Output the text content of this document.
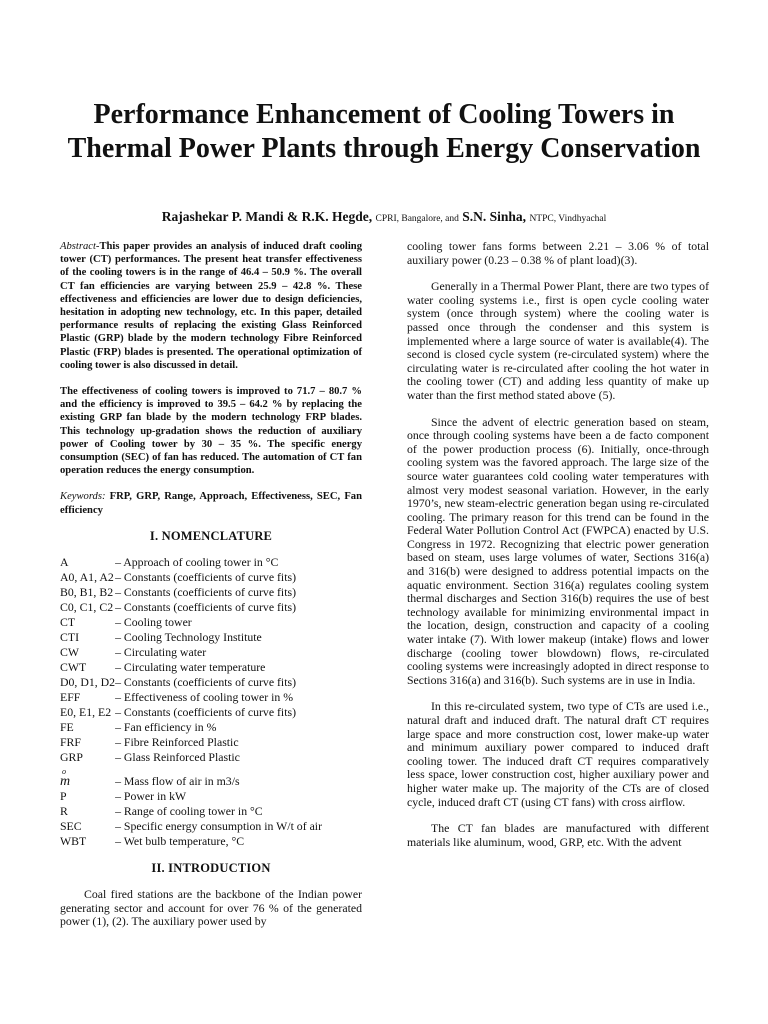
Performance Enhancement of Cooling Towers in Thermal Power Plants through Energy Conservation
Rajashekar P. Mandi & R.K. Hegde, CPRI, Bangalore, and S.N. Sinha, NTPC, Vindhyachal

Abstract-This paper provides an analysis of induced draft cooling tower (CT) performances. The present heat transfer effectiveness of the cooling towers is in the range of 46.4 – 50.9 %. The overall CT fan efficiencies are varying between 25.9 – 42.8 %. These effectiveness and efficiencies are lower due to design deficiencies, hesitation in adopting new technology, etc. In this paper, detailed performance results of replacing the existing Glass Reinforced Plastic (GRP) blade by the modern technology Fibre Reinforced Plastic (FRP) blades is presented. The operational optimization of cooling tower is also discussed in detail.

The effectiveness of cooling towers is improved to 71.7 – 80.7 % and the efficiency is improved to 39.5 – 64.2 % by replacing the existing GRP fan blade by the modern technology FRP blades. This technology up-gradation shows the reduction of auxiliary power of Cooling tower by 30 – 35 %. The specific energy consumption (SEC) of fan has reduced. The automation of CT fan operation reduces the energy consumption.

Keywords: FRP, GRP, Range, Approach, Effectiveness, SEC, Fan efficiency

I. NOMENCLATURE
A	– Approach of cooling tower in °C
A0, A1, A2	– Constants (coefficients of curve fits)
B0, B1, B2	– Constants (coefficients of curve fits)
C0, C1, C2	– Constants (coefficients of curve fits)
CT	– Cooling tower
CTI	– Cooling Technology Institute
CW	– Circulating water
CWT	– Circulating water temperature
D0, D1, D2	– Constants (coefficients of curve fits)
EFF	– Effectiveness of cooling tower in %
E0, E1, E2	– Constants (coefficients of curve fits)
FE	– Fan efficiency in %
FRF	– Fibre Reinforced Plastic
GRP	– Glass Reinforced Plastic
o m	– Mass flow of air in m3/s
P	– Power in kW
R	– Range of cooling tower in °C
SEC	– Specific energy consumption in W/t of air
WBT	– Wet bulb temperature, °C
II. INTRODUCTION

Coal fired stations are the backbone of the Indian power generating sector and account for over 76 % of the generated power (1), (2). The auxiliary power used by

cooling tower fans forms between 2.21 – 3.06 % of total auxiliary power (0.23 – 0.38 % of plant load)(3).

Generally in a Thermal Power Plant, there are two types of water cooling systems i.e., first is open cycle cooling water system (once through system) where the cooling water is passed once through the condenser and this system is implemented where a large source of water is available(4). The second is closed cycle system (re-circulated system) where the circulating water is re-circulated after cooling the hot water in the cooling tower (CT) and adding less quantity of make up water than the first method stated above (5).

Since the advent of electric generation based on steam, once through cooling systems have been a de facto component of the power production process (6). Initially, once-through cooling system was the favored approach. The large size of the source water guarantees cold cooling water temperatures with almost very modest seasonal variation. However, in the early 1970’s, new steam-electric generation began using re-circulated cooling. The primary reason for this trend can be found in the Federal Water Pollution Control Act (FWPCA) enacted by U.S. Congress in 1972. Recognizing that electric power generation based on steam, uses large volumes of water, Sections 316(a) and 316(b) were designed to address potential impacts on the aquatic environment. Section 316(a) regulates cooling system thermal discharges and Section 316(b) requires the use of best technology available for minimizing environmental impact in the location, design, construction and capacity of a cooling water intake (7). With lower makeup (intake) flows and lower discharge (cooling tower blowdown) flows, re-circulated cooling systems were increasingly adopted in direct response to Sections 316(a) and 316(b). Such systems are in use in India.

In this re-circulated system, two type of CTs are used i.e., natural draft and induced draft. The natural draft CT requires large space and more construction cost, lower make-up water and minimum auxiliary power compared to induced draft cooling tower. The induced draft CT requires comparatively less space, lower construction cost, higher auxiliary power and higher water make up. The majority of the CTs are of closed cycle, induced draft CT (using CT fans) with cross airflow.

The CT fan blades are manufactured with different materials like aluminum, wood, GRP, etc. With the advent
